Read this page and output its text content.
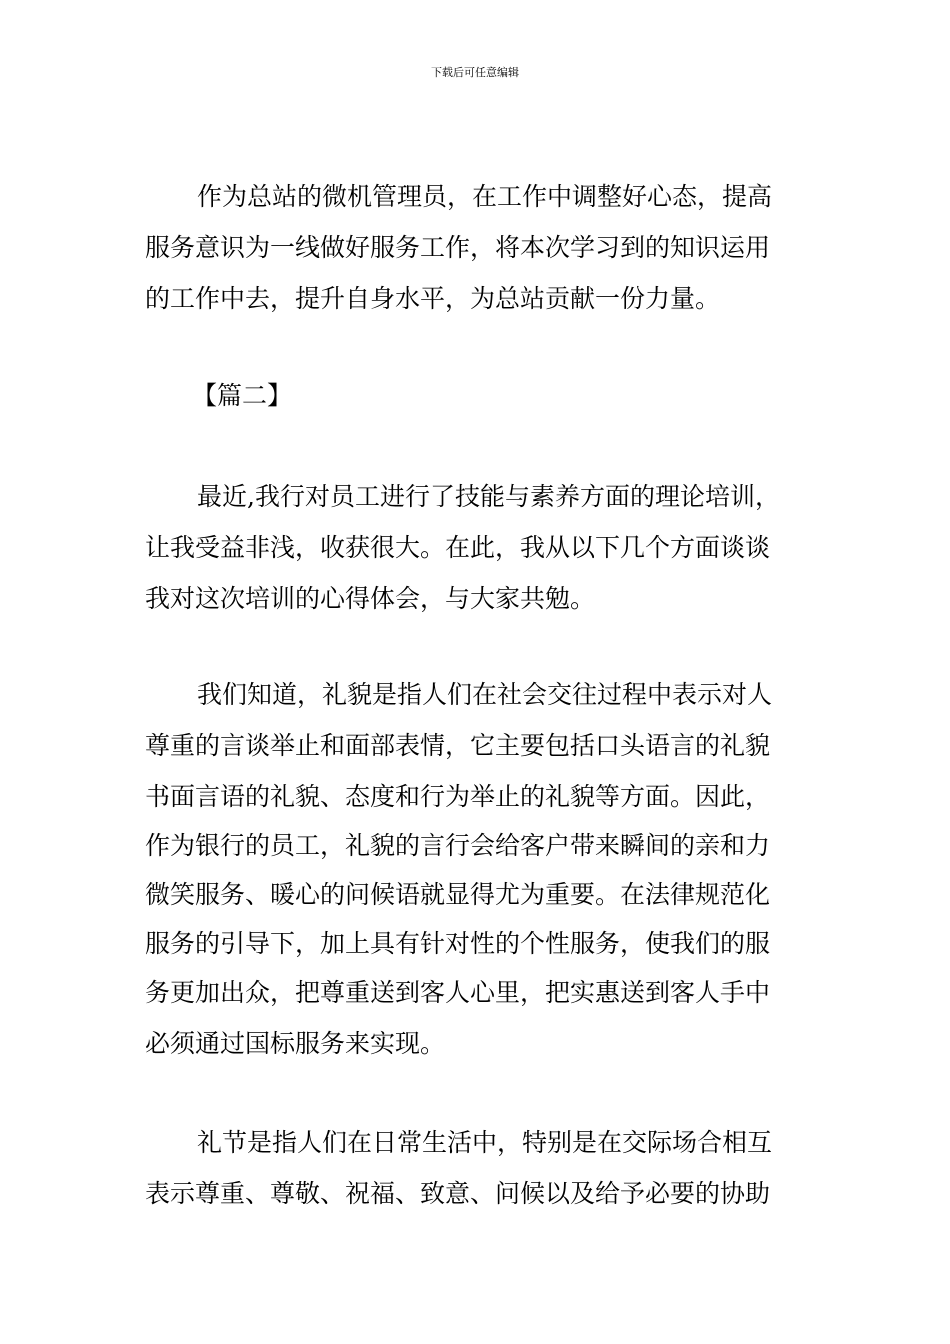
下载后可任意编辑
作为总站的微机管理员，在工作中调整好心态，提高
服务意识为一线做好服务工作，将本次学习到的知识运用
的工作中去，提升自身水平，为总站贡献一份力量。
【篇二】
最近,我行对员工进行了技能与素养方面的理论培训，
让我受益非浅，收获很大。在此，我从以下几个方面谈谈
我对这次培训的心得体会，与大家共勉。
我们知道，礼貌是指人们在社会交往过程中表示对人
尊重的言谈举止和面部表情，它主要包括口头语言的礼貌
书面言语的礼貌、态度和行为举止的礼貌等方面。因此，
作为银行的员工，礼貌的言行会给客户带来瞬间的亲和力
微笑服务、暖心的问候语就显得尤为重要。在法律规范化
服务的引导下，加上具有针对性的个性服务，使我们的服
务更加出众，把尊重送到客人心里，把实惠送到客人手中
必须通过国标服务来实现。
礼节是指人们在日常生活中，特别是在交际场合相互
表示尊重、尊敬、祝福、致意、问候以及给予必要的协助
